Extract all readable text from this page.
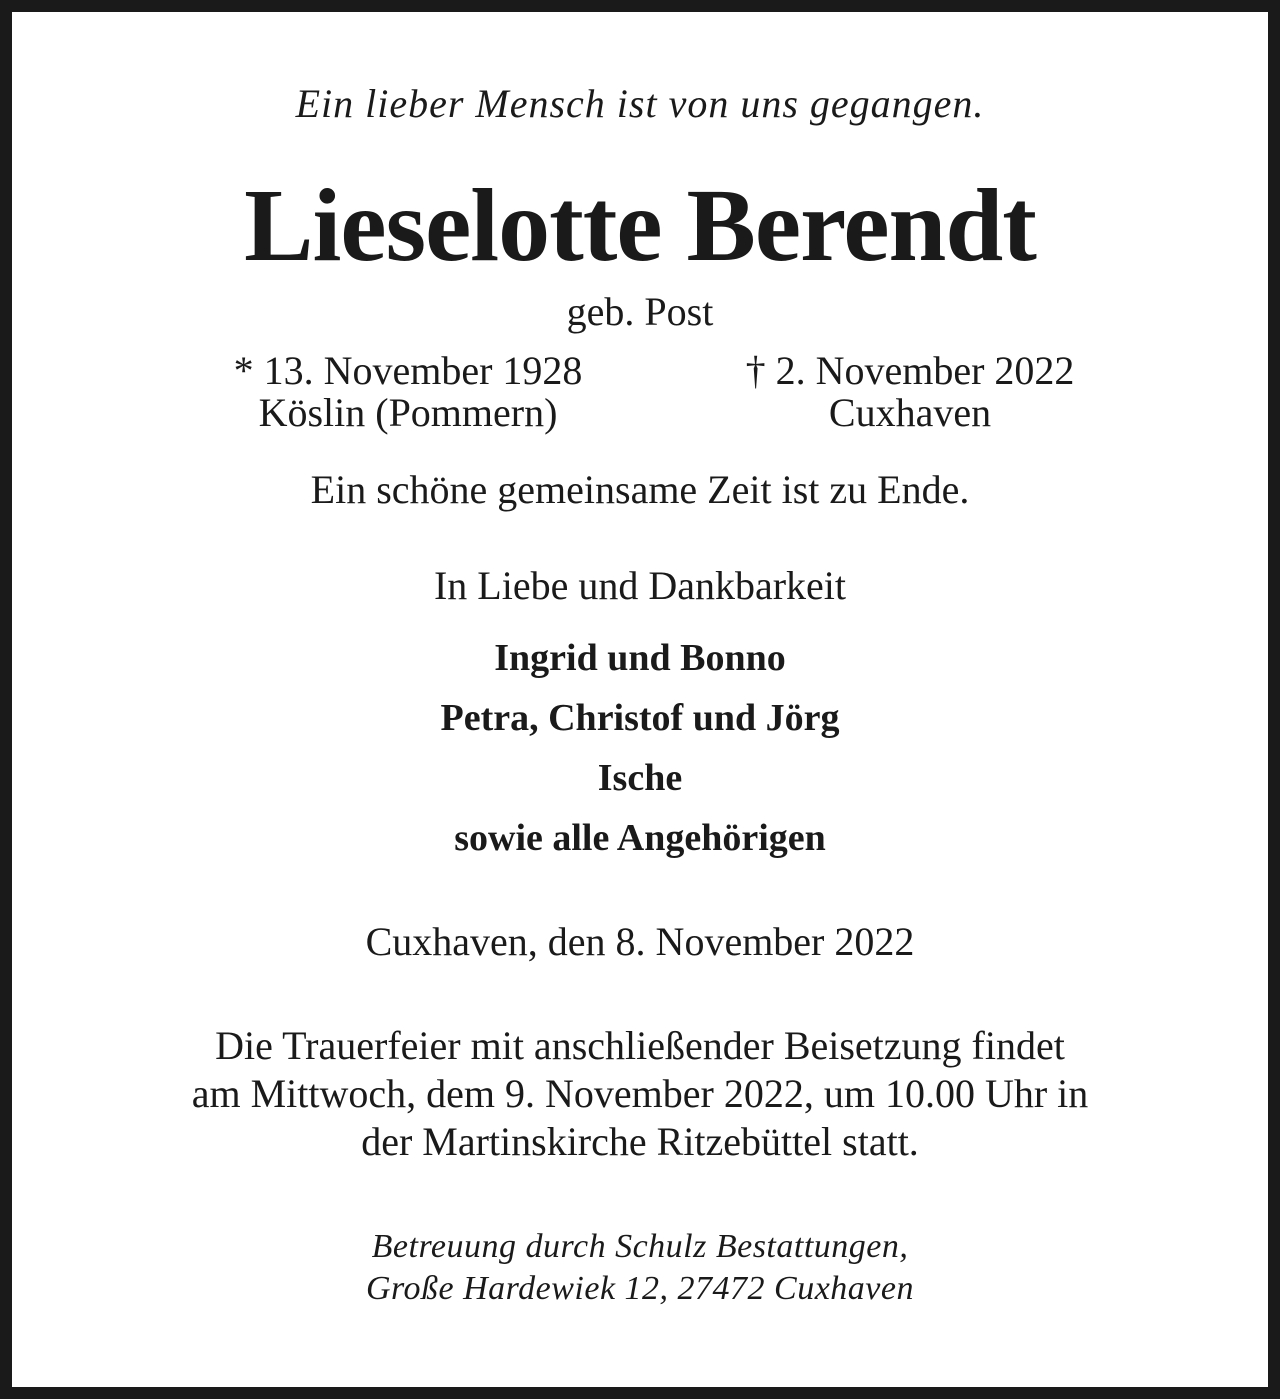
Ein lieber Mensch ist von uns gegangen.

Lieselotte Berendt

geb. Post

* 13. November 1928
Köslin (Pommern)
† 2. November 2022
Cuxhaven

Ein schöne gemeinsame Zeit ist zu Ende.

In Liebe und Dankbarkeit

Ingrid und Bonno

Petra, Christof und Jörg

Ische

sowie alle Angehörigen

Cuxhaven, den 8. November 2022

Die Trauerfeier mit anschließender Beisetzung findet
am Mittwoch, dem 9. November 2022, um 10.00 Uhr in
der Martinskirche Ritzebüttel statt.
Betreuung durch Schulz Bestattungen,
Große Hardewiek 12, 27472 Cuxhaven
